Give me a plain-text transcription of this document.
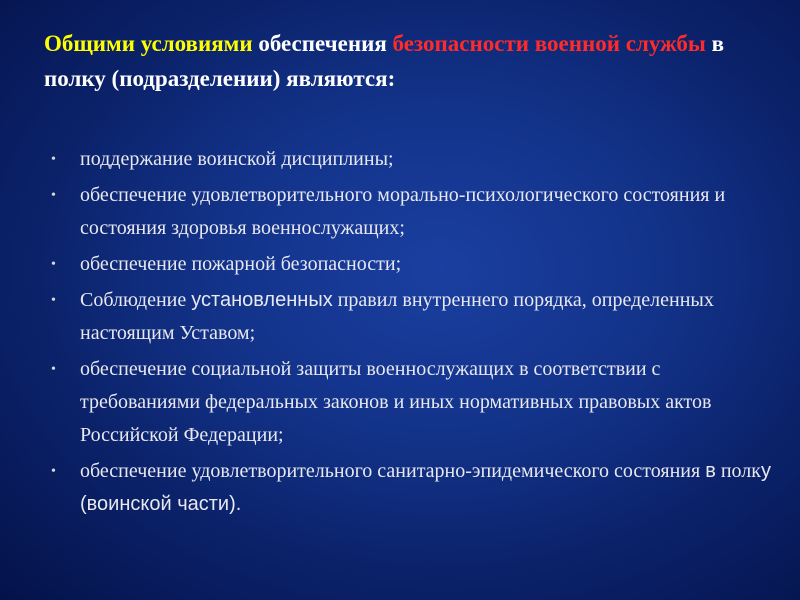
Общими условиями обеспечения безопасности военной службы в полку (подразделении) являются:
• поддержание воинской дисциплины;
• обеспечение удовлетворительного морально-психологического состояния и состояния здоровья военнослужащих;
• обеспечение пожарной безопасности;
• Соблюдение установленных правил внутреннего порядка, определенных настоящим Уставом;
• обеспечение социальной защиты военнослужащих в соответствии с требованиями федеральных законов и иных нормативных правовых актов Российской Федерации;
• обеспечение удовлетворительного санитарно-эпидемического состояния в полку (воинской части).
